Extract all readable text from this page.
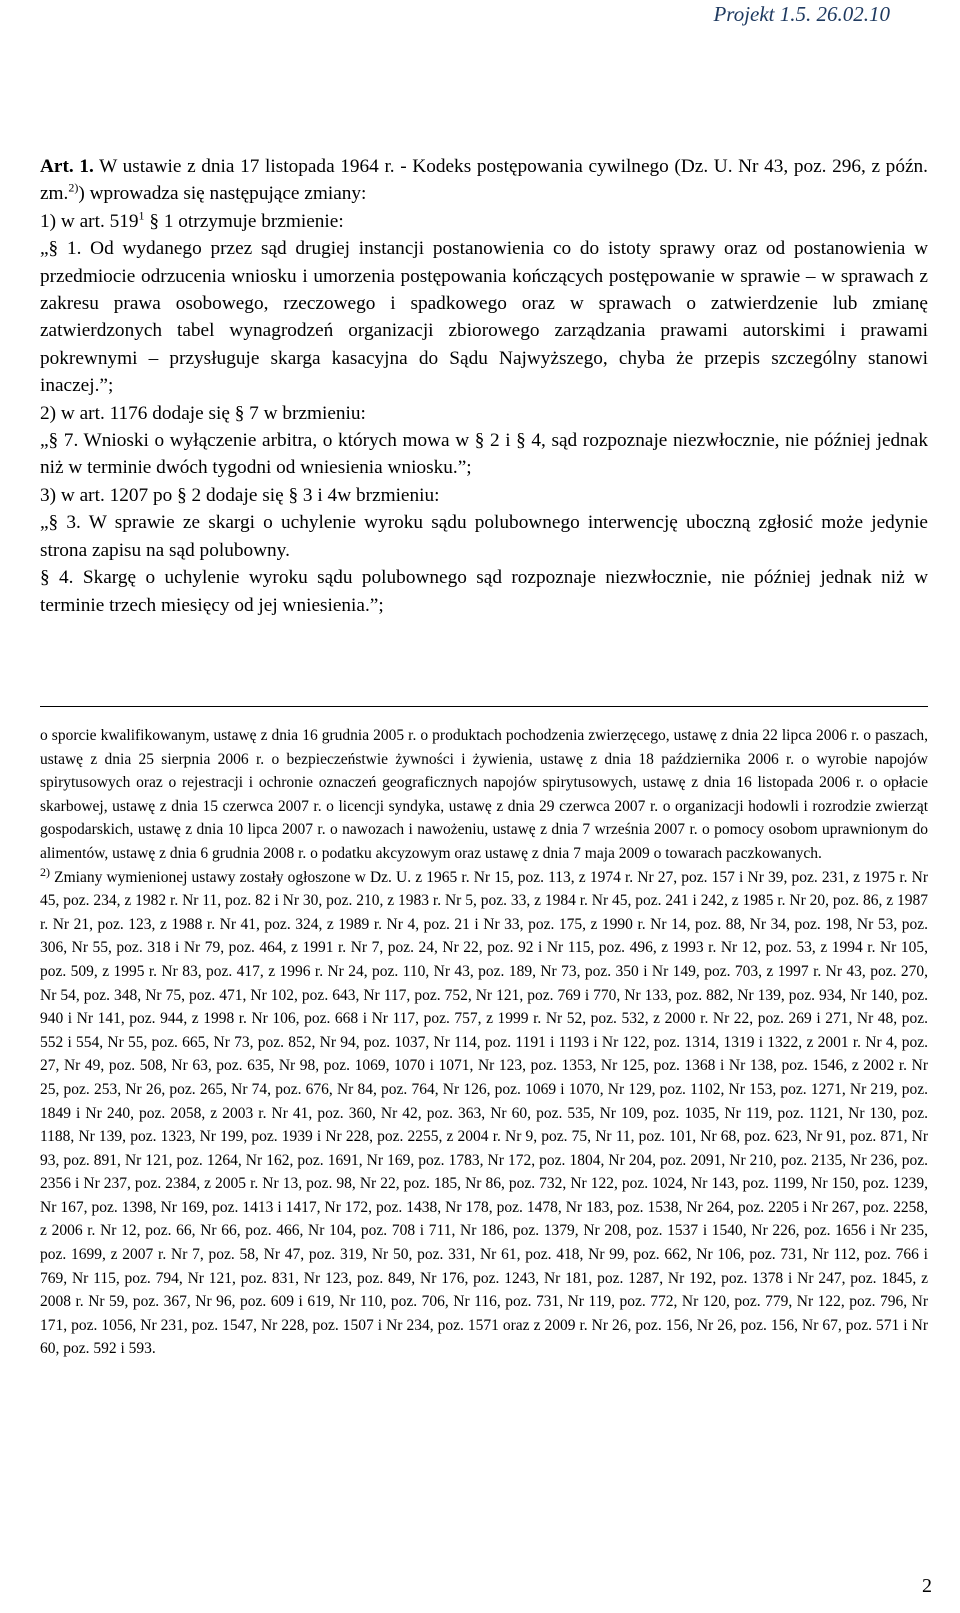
Projekt 1.5. 26.02.10

Art. 1. W ustawie z dnia 17 listopada 1964 r. - Kodeks postępowania cywilnego (Dz. U. Nr 43, poz. 296, z późn. zm.$^{2)}$) wprowadza się następujące zmiany:

1) w art. $519^1$ § 1 otrzymuje brzmienie:

„§ 1. Od wydanego przez sąd drugiej instancji postanowienia co do istoty sprawy oraz od postanowienia w przedmiocie odrzucenia wniosku i umorzenia postępowania kończących postępowanie w sprawie – w sprawach z zakresu prawa osobowego, rzeczowego i spadkowego oraz w sprawach o zatwierdzenie lub zmianę zatwierdzonych tabel wynagrodzeń organizacji zbiorowego zarządzania prawami autorskimi i prawami pokrewnymi – przysługuje skarga kasacyjna do Sądu Najwyższego, chyba że przepis szczególny stanowi inaczej.”;

2) w art. 1176 dodaje się § 7 w brzmieniu:

„§ 7. Wnioski o wyłączenie arbitra, o których mowa w § 2 i § 4, sąd rozpoznaje niezwłocznie, nie później jednak niż w terminie dwóch tygodni od wniesienia wniosku.”;

3) w art. 1207 po § 2 dodaje się § 3 i 4w brzmieniu:

„§ 3. W sprawie ze skargi o uchylenie wyroku sądu polubownego interwencję uboczną zgłosić może jedynie strona zapisu na sąd polubowny.

§ 4. Skargę o uchylenie wyroku sądu polubownego sąd rozpoznaje niezwłocznie, nie później jednak niż w terminie trzech miesięcy od jej wniesienia.”;

o sporcie kwalifikowanym, ustawę z dnia 16 grudnia 2005 r. o produktach pochodzenia zwierzęcego, ustawę z dnia 22 lipca 2006 r. o paszach, ustawę z dnia 25 sierpnia 2006 r. o bezpieczeństwie żywności i żywienia, ustawę z dnia 18 października 2006 r. o wyrobie napojów spirytusowych oraz o rejestracji i ochronie oznaczeń geograficznych napojów spirytusowych, ustawę z dnia 16 listopada 2006 r. o opłacie skarbowej, ustawę z dnia 15 czerwca 2007 r. o licencji syndyka, ustawę z dnia 29 czerwca 2007 r. o organizacji hodowli i rozrodzie zwierząt gospodarskich, ustawę z dnia 10 lipca 2007 r. o nawozach i nawożeniu, ustawę z dnia 7 września 2007 r. o pomocy osobom uprawnionym do alimentów, ustawę z dnia 6 grudnia 2008 r. o podatku akcyzowym oraz ustawę z dnia 7 maja 2009 o towarach paczkowanych.

$^{2)}$ Zmiany wymienionej ustawy zostały ogłoszone w Dz. U. z 1965 r. Nr 15, poz. 113, z 1974 r. Nr 27, poz. 157 i Nr 39, poz. 231, z 1975 r. Nr 45, poz. 234, z 1982 r. Nr 11, poz. 82 i Nr 30, poz. 210, z 1983 r. Nr 5, poz. 33, z 1984 r. Nr 45, poz. 241 i 242, z 1985 r. Nr 20, poz. 86, z 1987 r. Nr 21, poz. 123, z 1988 r. Nr 41, poz. 324, z 1989 r. Nr 4, poz. 21 i Nr 33, poz. 175, z 1990 r. Nr 14, poz. 88, Nr 34, poz. 198, Nr 53, poz. 306, Nr 55, poz. 318 i Nr 79, poz. 464, z 1991 r. Nr 7, poz. 24, Nr 22, poz. 92 i Nr 115, poz. 496, z 1993 r. Nr 12, poz. 53, z 1994 r. Nr 105, poz. 509, z 1995 r. Nr 83, poz. 417, z 1996 r. Nr 24, poz. 110, Nr 43, poz. 189, Nr 73, poz. 350 i Nr 149, poz. 703, z 1997 r. Nr 43, poz. 270, Nr 54, poz. 348, Nr 75, poz. 471, Nr 102, poz. 643, Nr 117, poz. 752, Nr 121, poz. 769 i 770, Nr 133, poz. 882, Nr 139, poz. 934, Nr 140, poz. 940 i Nr 141, poz. 944, z 1998 r. Nr 106, poz. 668 i Nr 117, poz. 757, z 1999 r. Nr 52, poz. 532, z 2000 r. Nr 22, poz. 269 i 271, Nr 48, poz. 552 i 554, Nr 55, poz. 665, Nr 73, poz. 852, Nr 94, poz. 1037, Nr 114, poz. 1191 i 1193 i Nr 122, poz. 1314, 1319 i 1322, z 2001 r. Nr 4, poz. 27, Nr 49, poz. 508, Nr 63, poz. 635, Nr 98, poz. 1069, 1070 i 1071, Nr 123, poz. 1353, Nr 125, poz. 1368 i Nr 138, poz. 1546, z 2002 r. Nr 25, poz. 253, Nr 26, poz. 265, Nr 74, poz. 676, Nr 84, poz. 764, Nr 126, poz. 1069 i 1070, Nr 129, poz. 1102, Nr 153, poz. 1271, Nr 219, poz. 1849 i Nr 240, poz. 2058, z 2003 r. Nr 41, poz. 360, Nr 42, poz. 363, Nr 60, poz. 535, Nr 109, poz. 1035, Nr 119, poz. 1121, Nr 130, poz. 1188, Nr 139, poz. 1323, Nr 199, poz. 1939 i Nr 228, poz. 2255, z 2004 r. Nr 9, poz. 75, Nr 11, poz. 101, Nr 68, poz. 623, Nr 91, poz. 871, Nr 93, poz. 891, Nr 121, poz. 1264, Nr 162, poz. 1691, Nr 169, poz. 1783, Nr 172, poz. 1804, Nr 204, poz. 2091, Nr 210, poz. 2135, Nr 236, poz. 2356 i Nr 237, poz. 2384, z 2005 r. Nr 13, poz. 98, Nr 22, poz. 185, Nr 86, poz. 732, Nr 122, poz. 1024, Nr 143, poz. 1199, Nr 150, poz. 1239, Nr 167, poz. 1398, Nr 169, poz. 1413 i 1417, Nr 172, poz. 1438, Nr 178, poz. 1478, Nr 183, poz. 1538, Nr 264, poz. 2205 i Nr 267, poz. 2258, z 2006 r. Nr 12, poz. 66, Nr 66, poz. 466, Nr 104, poz. 708 i 711, Nr 186, poz. 1379, Nr 208, poz. 1537 i 1540, Nr 226, poz. 1656 i Nr 235, poz. 1699, z 2007 r. Nr 7, poz. 58, Nr 47, poz. 319, Nr 50, poz. 331, Nr 61, poz. 418, Nr 99, poz. 662, Nr 106, poz. 731, Nr 112, poz. 766 i 769, Nr 115, poz. 794, Nr 121, poz. 831, Nr 123, poz. 849, Nr 176, poz. 1243, Nr 181, poz. 1287, Nr 192, poz. 1378 i Nr 247, poz. 1845, z 2008 r. Nr 59, poz. 367, Nr 96, poz. 609 i 619, Nr 110, poz. 706, Nr 116, poz. 731, Nr 119, poz. 772, Nr 120, poz. 779, Nr 122, poz. 796, Nr 171, poz. 1056, Nr 231, poz. 1547, Nr 228, poz. 1507 i Nr 234, poz. 1571 oraz z 2009 r. Nr 26, poz. 156, Nr 26, poz. 156, Nr 67, poz. 571 i Nr 60, poz. 592 i 593.

2
